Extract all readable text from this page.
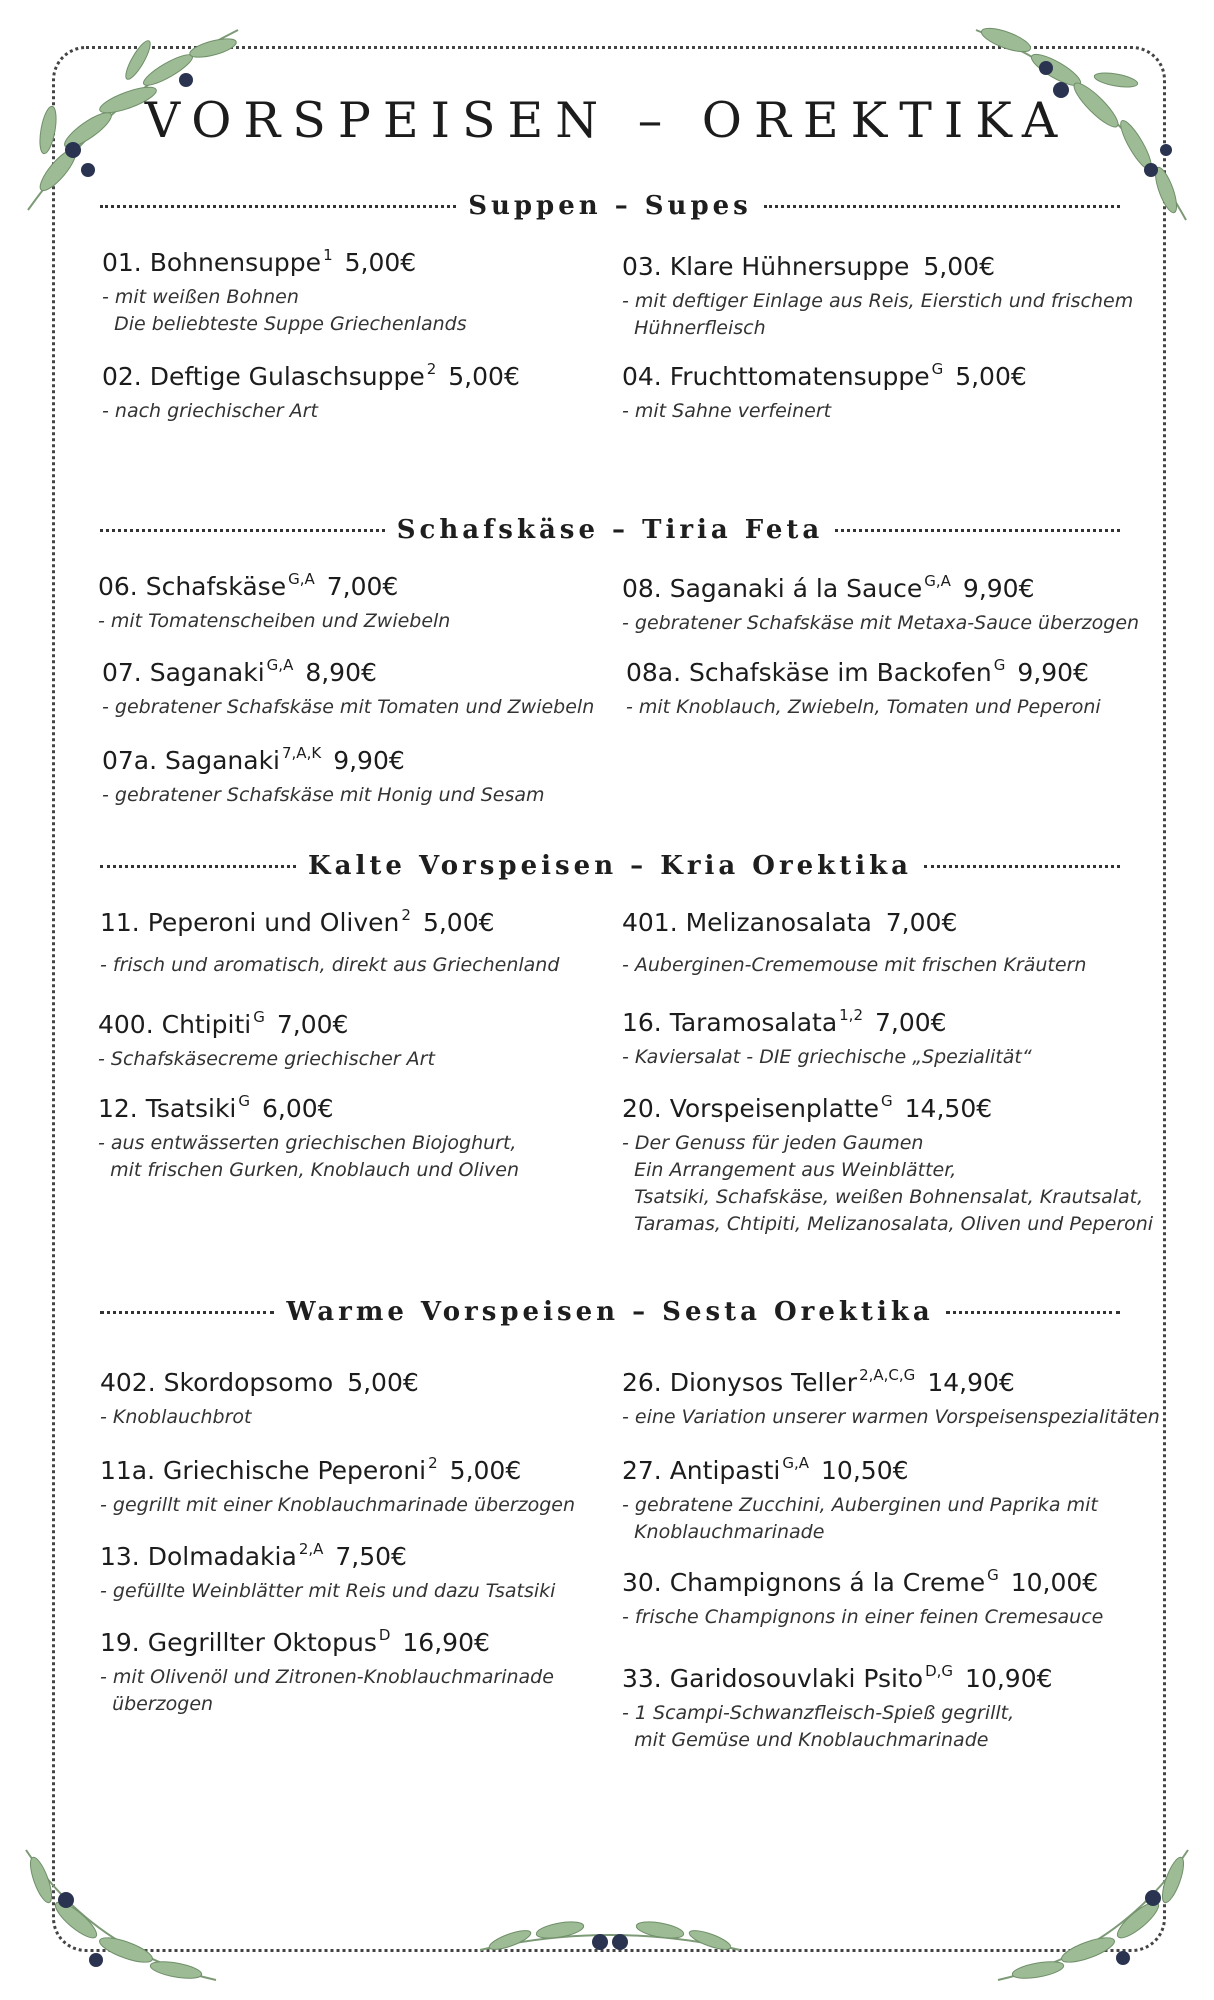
VORSPEISEN – OREKTIKA
Suppen – Supes
Schafskäse – Tiria Feta
Kalte Vorspeisen – Kria Orektika
Warme Vorspeisen – Sesta Orektika
01. Bohnensuppe $^1$ 5,00€
- mit weißen Bohnen
Die beliebteste Suppe Griechenlands
02. Deftige Gulaschsuppe $^2$ 5,00€
- nach griechischer Art
03. Klare Hühnersuppe 5,00€
- mit deftiger Einlage aus Reis, Eierstich und frischem
Hühnerfleisch
04. Fruchttomatensuppe $^G$ 5,00€
- mit Sahne verfeinert
06. Schafskäse $^{G,A}$ 7,00€
- mit Tomatenscheiben und Zwiebeln
07. Saganaki $^{G,A}$ 8,90€
- gebratener Schafskäse mit Tomaten und Zwiebeln
07a. Saganaki $^{7,A,K}$ 9,90€
- gebratener Schafskäse mit Honig und Sesam
08. Saganaki á la Sauce $^{G,A}$ 9,90€
- gebratener Schafskäse mit Metaxa-Sauce überzogen
08a. Schafskäse im Backofen $^G$ 9,90€
- mit Knoblauch, Zwiebeln, Tomaten und Peperoni
11. Peperoni und Oliven $^2$ 5,00€
- frisch und aromatisch, direkt aus Griechenland
400. Chtipiti $^G$ 7,00€
- Schafskäsecreme griechischer Art
12. Tsatsiki $^G$ 6,00€
- aus entwässerten griechischen Biojoghurt,
mit frischen Gurken, Knoblauch und Oliven
401. Melizanosalata 7,00€
- Auberginen-Crememouse mit frischen Kräutern
16. Taramosalata $^{1,2}$ 7,00€
- Kaviersalat - DIE griechische „Spezialität“
20. Vorspeisenplatte $^G$ 14,50€
- Der Genuss für jeden Gaumen
Ein Arrangement aus Weinblätter,
Tsatsiki, Schafskäse, weißen Bohnensalat, Krautsalat,
Taramas, Chtipiti, Melizanosalata, Oliven und Peperoni
402. Skordopsomo 5,00€
- Knoblauchbrot
11a. Griechische Peperoni $^2$ 5,00€
- gegrillt mit einer Knoblauchmarinade überzogen
13. Dolmadakia $^{2,A}$ 7,50€
- gefüllte Weinblätter mit Reis und dazu Tsatsiki
19. Gegrillter Oktopus $^D$ 16,90€
- mit Olivenöl und Zitronen-Knoblauchmarinade
überzogen
26. Dionysos Teller $^{2,A,C,G}$ 14,90€
- eine Variation unserer warmen Vorspeisenspezialitäten
27. Antipasti $^{G,A}$ 10,50€
- gebratene Zucchini, Auberginen und Paprika mit
Knoblauchmarinade
30. Champignons á la Creme $^G$ 10,00€
- frische Champignons in einer feinen Cremesauce
33. Garidosouvlaki Psito $^{D,G}$ 10,90€
- 1 Scampi-Schwanzfleisch-Spieß gegrillt,
mit Gemüse und Knoblauchmarinade
